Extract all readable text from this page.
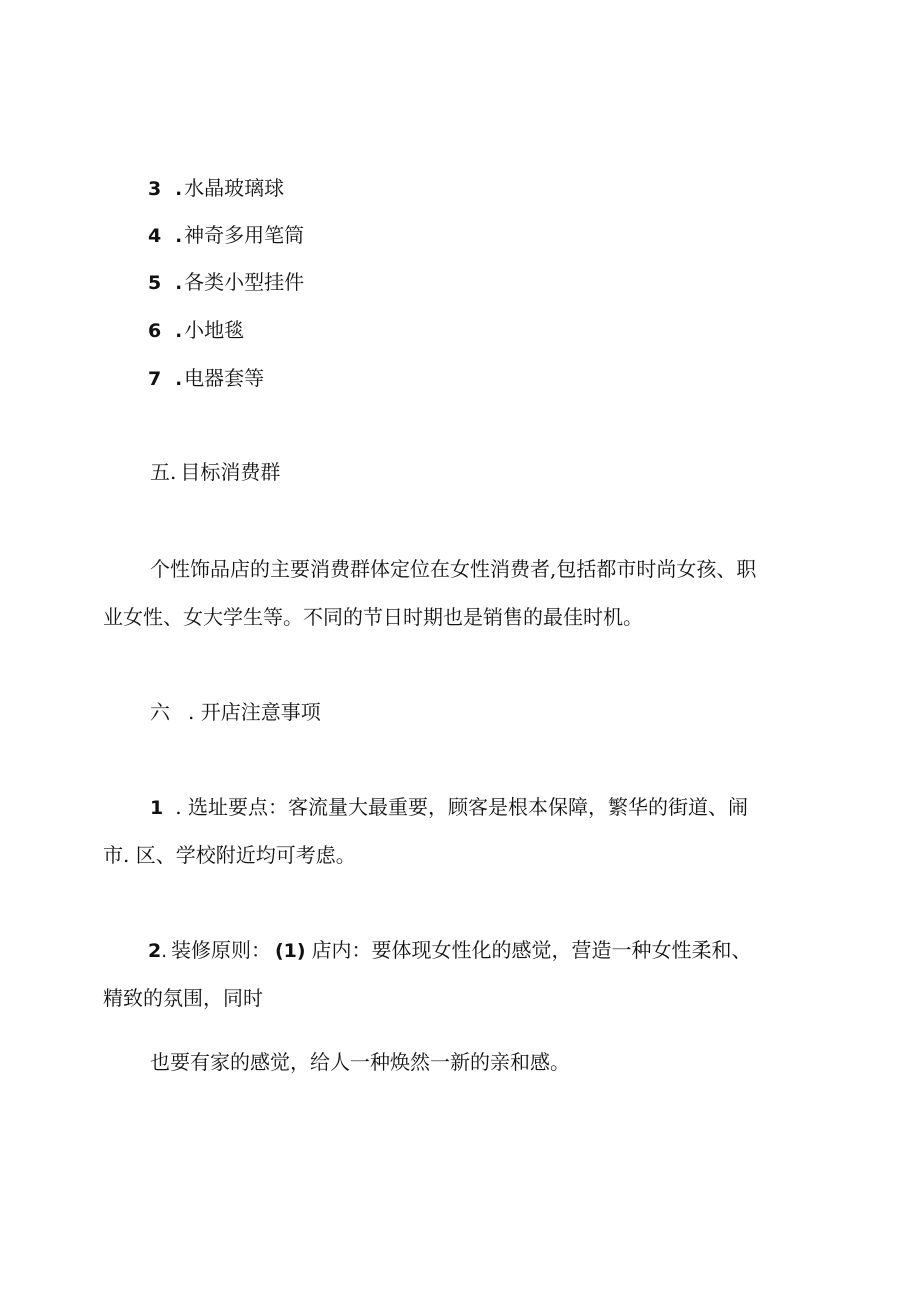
3 . 水晶玻璃球
4 . 神奇多用笔筒
5 . 各类小型挂件
6 . 小地毯
7 . 电器套等
五. 目标消费群
个性饰品店的主要消费群体定位在女性消费者,包括都市时尚女孩、职
业女性、女大学生等。不同的节日时期也是销售的最佳时机。
六 . 开店注意事项
1 . 选址要点：客流量大最重要，顾客是根本保障，繁华的街道、闹
市. 区、学校附近均可考虑。
2. 装修原则： (1) 店内：要体现女性化的感觉，营造一种女性柔和、
精致的氛围，同时
也要有家的感觉，给人一种焕然一新的亲和感。
